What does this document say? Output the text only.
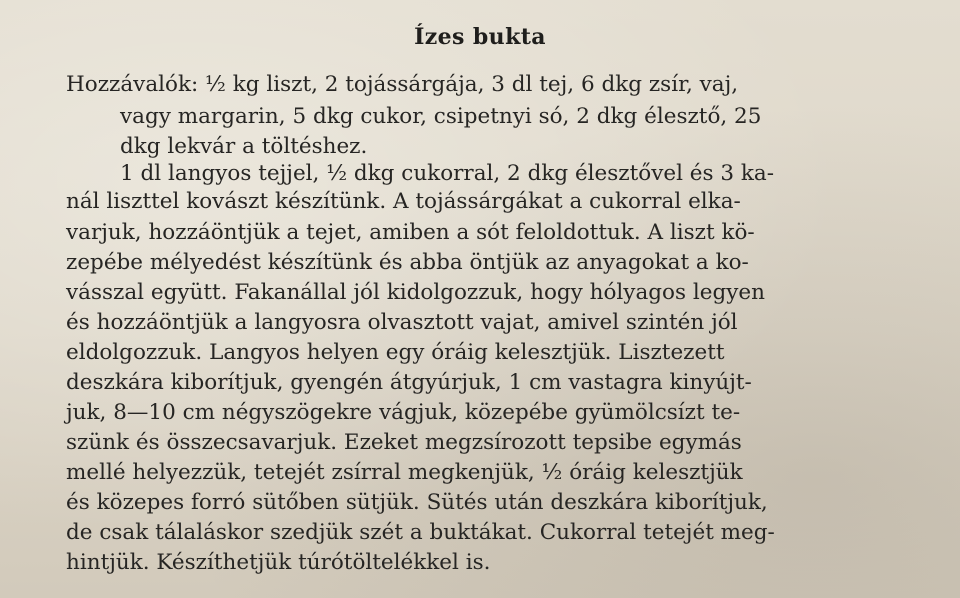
Ízes bukta
Hozzávalók: ½ kg liszt, 2 tojássárgája, 3 dl tej, 6 dkg zsír, vaj,
vagy margarin, 5 dkg cukor, csipetnyi só, 2 dkg élesztő, 25
dkg lekvár a töltéshez.
1 dl langyos tejjel, ½ dkg cukorral, 2 dkg élesztővel és 3 ka-
nál liszttel kovászt készítünk. A tojássárgákat a cukorral elka-
varjuk, hozzáöntjük a tejet, amiben a sót feloldottuk. A liszt kö-
zepébe mélyedést készítünk és abba öntjük az anyagokat a ko-
vásszal együtt. Fakanállal jól kidolgozzuk, hogy hólyagos legyen
és hozzáöntjük a langyosra olvasztott vajat, amivel szintén jól
eldolgozzuk. Langyos helyen egy óráig kelesztjük. Lisztezett
deszkára kiborítjuk, gyengén átgyúrjuk, 1 cm vastagra kinyújt-
juk, 8—10 cm négyszögekre vágjuk, közepébe gyümölcsízt te-
szünk és összecsavarjuk. Ezeket megzsírozott tepsibe egymás
mellé helyezzük, tetejét zsírral megkenjük, ½ óráig kelesztjük
és közepes forró sütőben sütjük. Sütés után deszkára kiborítjuk,
de csak tálaláskor szedjük szét a buktákat. Cukorral tetejét meg-
hintjük. Készíthetjük túrótöltelékkel is.
